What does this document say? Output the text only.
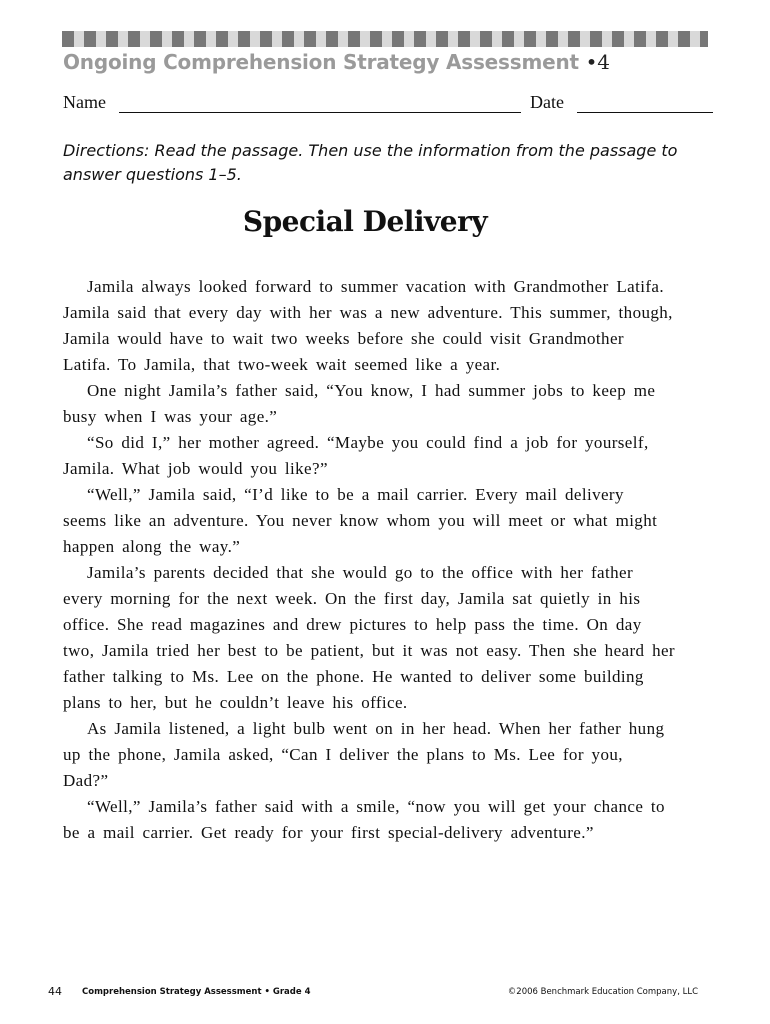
Ongoing Comprehension Strategy Assessment •4
Name	Date
Directions: Read the passage. Then use the information from the passage to answer questions 1–5.
Special Delivery

Jamila always looked forward to summer vacation with Grandmother Latifa. Jamila said that every day with her was a new adventure. This summer, though, Jamila would have to wait two weeks before she could visit Grandmother Latifa. To Jamila, that two-week wait seemed like a year.

One night Jamila’s father said, “You know, I had summer jobs to keep me busy when I was your age.”

“So did I,” her mother agreed. “Maybe you could find a job for yourself, Jamila. What job would you like?”

“Well,” Jamila said, “I’d like to be a mail carrier. Every mail delivery seems like an adventure. You never know whom you will meet or what might happen along the way.”

Jamila’s parents decided that she would go to the office with her father every morning for the next week. On the first day, Jamila sat quietly in his office. She read magazines and drew pictures to help pass the time. On day two, Jamila tried her best to be patient, but it was not easy. Then she heard her father talking to Ms. Lee on the phone. He wanted to deliver some building plans to her, but he couldn’t leave his office.

As Jamila listened, a light bulb went on in her head. When her father hung up the phone, Jamila asked, “Can I deliver the plans to Ms. Lee for you, Dad?”

“Well,” Jamila’s father said with a smile, “now you will get your chance to be a mail carrier. Get ready for your first special-delivery adventure.”

44 Comprehension Strategy Assessment • Grade 4	©2006 Benchmark Education Company, LLC
